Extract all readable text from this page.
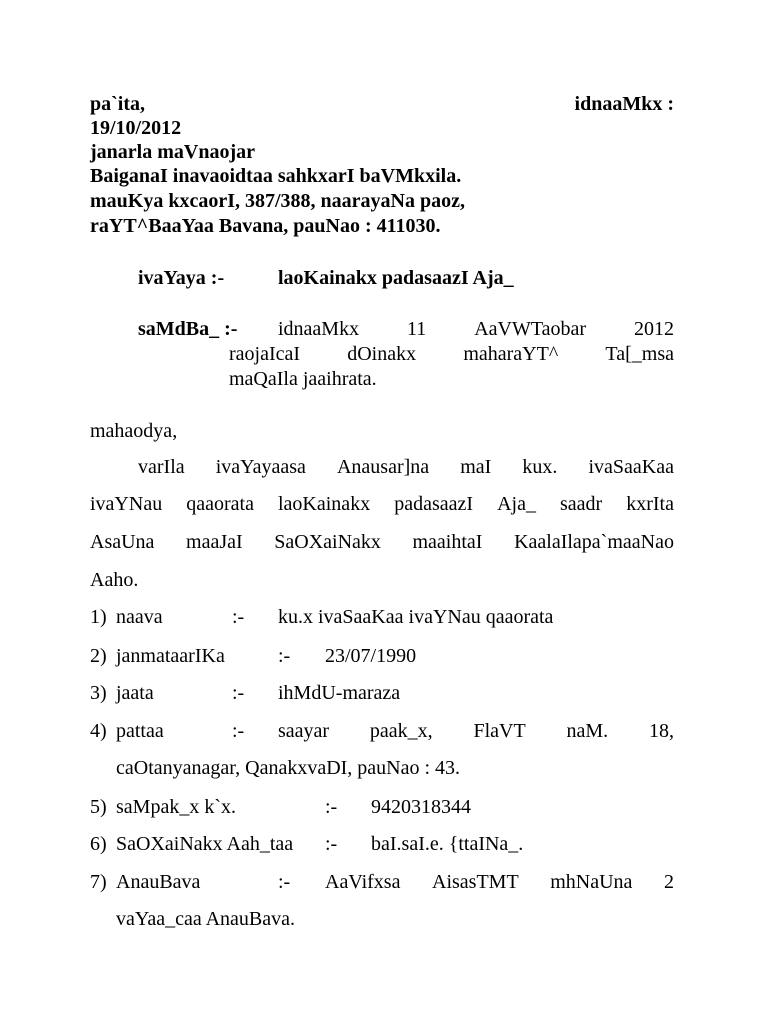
pa`ita,	idnaaMkx :
19/10/2012
janarla maVnaojar
BaiganaI inavaoidtaa sahkxarI baVMkxila.
mauKya kxcaorI, 387/388, naarayaNa paoz,
raYT^BaaYaa Bavana, pauNao : 411030.
ivaYaya :-	laoKainakx padasaazI Aja_
saMdBa_ :- idnaaMkx 11 AaVWTaobar 2012
raojaIcaI dOinakx maharaYT^ Ta[_msa
maQaIla jaaihrata.
mahaodya,
varIla ivaYayaasa Anausar]na maI kux. ivaSaaKaa
ivaYNau qaaorata laoKainakx padasaazI Aja_ saadr kxrIta
AsaUna maaJaI SaOXaiNakx maaihtaI KaalaIlapa`maaNao
Aaho.
1) naava	:- ku.x ivaSaaKaa ivaYNau qaaorata
2) janmataarIKa	:- 23/07/1990
3) jaata	:- ihMdU-maraza
4) pattaa	:- saayar paak_x, FlaVT naM. 18,
caOtanyanagar, QanakxvaDI, pauNao : 43.
5) saMpak_x k`x.	:- 9420318344
6) SaOXaiNakx Aah_taa :- baI.saI.e. {ttaINa_.
7) AnauBava	:- AaVifxsa AisasTMT mhNaUna 2
vaYaa_caa AnauBava.
